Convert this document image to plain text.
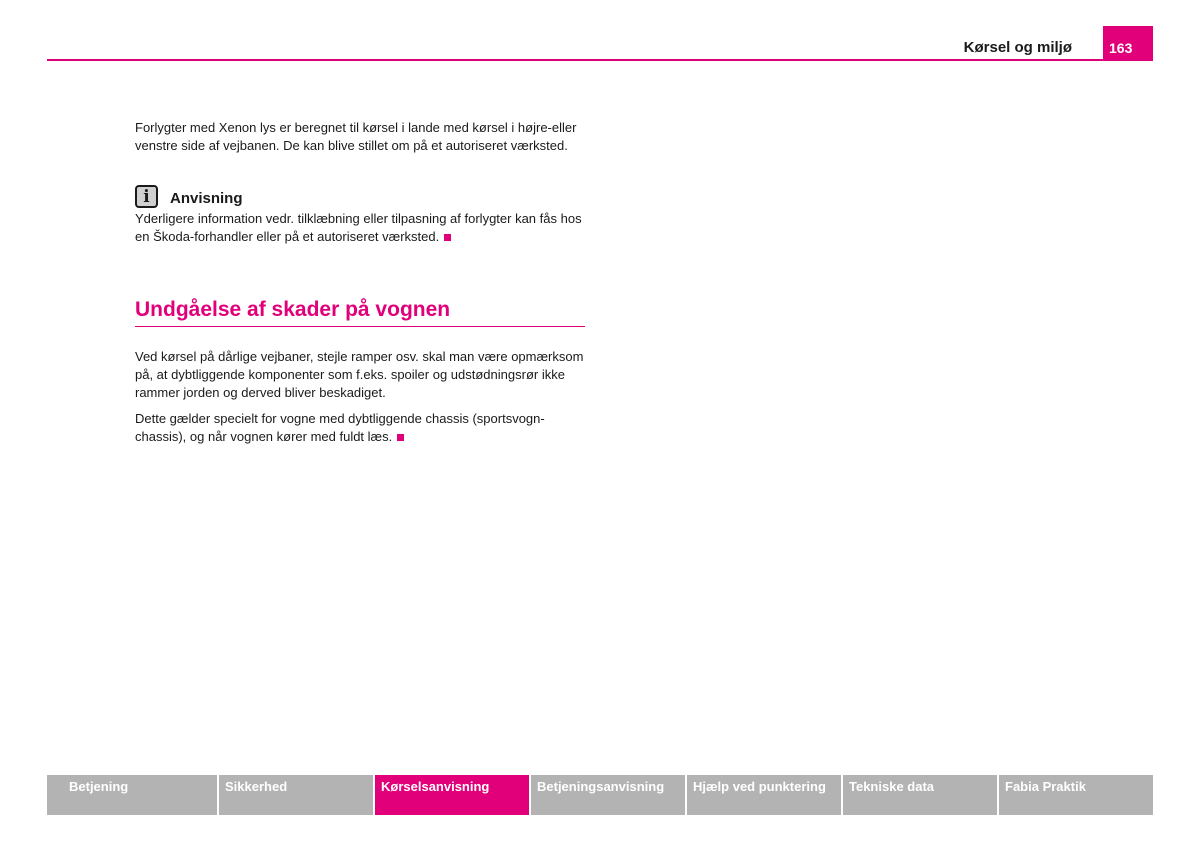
Kørsel og miljø	163

Forlygter med Xenon lys er beregnet til kørsel i lande med kørsel i højre-eller venstre side af vejbanen. De kan blive stillet om på et autoriseret værksted.

i	Anvisning

Yderligere information vedr. tilklæbning eller tilpasning af forlygter kan fås hos en Škoda-forhandler eller på et autoriseret værksted.

Undgåelse af skader på vognen

Ved kørsel på dårlige vejbaner, stejle ramper osv. skal man være opmærksom på, at dybtliggende komponenter som f.eks. spoiler og udstødningsrør ikke rammer jorden og derved bliver beskadiget.

Dette gælder specielt for vogne med dybtliggende chassis (sportsvogn-chassis), og når vognen kører med fuldt læs.

Betjening	Sikkerhed	Kørselsanvisning	Betjeningsanvisning	Hjælp ved punktering	Tekniske data	Fabia Praktik
